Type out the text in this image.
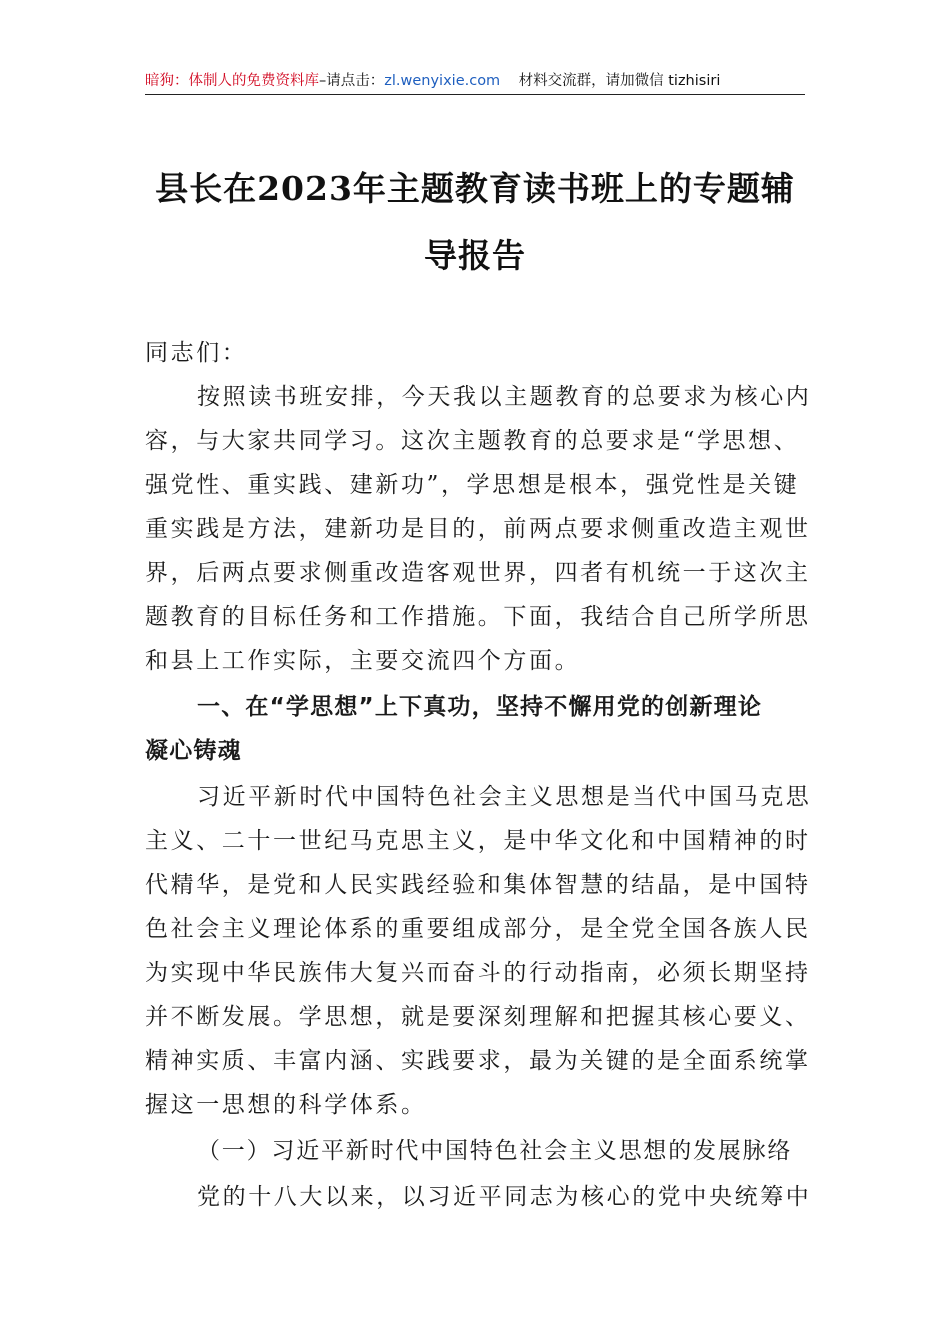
暗狗：体制人的免费资料库–请点击：zl.wenyixie.com 材料交流群，请加微信 tizhisiri
县长在2023年主题教育读书班上的专题辅
导报告
同志们：
按照读书班安排，今天我以主题教育的总要求为核心内
容，与大家共同学习。这次主题教育的总要求是“学思想、
强党性、重实践、建新功”，学思想是根本，强党性是关键
重实践是方法，建新功是目的，前两点要求侧重改造主观世
界，后两点要求侧重改造客观世界，四者有机统一于这次主
题教育的目标任务和工作措施。下面，我结合自己所学所思
和县上工作实际，主要交流四个方面。
一、在“学思想”上下真功，坚持不懈用党的创新理论
凝心铸魂
习近平新时代中国特色社会主义思想是当代中国马克思
主义、二十一世纪马克思主义，是中华文化和中国精神的时
代精华，是党和人民实践经验和集体智慧的结晶，是中国特
色社会主义理论体系的重要组成部分，是全党全国各族人民
为实现中华民族伟大复兴而奋斗的行动指南，必须长期坚持
并不断发展。学思想，就是要深刻理解和把握其核心要义、
精神实质、丰富内涵、实践要求，最为关键的是全面系统掌
握这一思想的科学体系。
（一）习近平新时代中国特色社会主义思想的发展脉络
党的十八大以来，以习近平同志为核心的党中央统筹中
